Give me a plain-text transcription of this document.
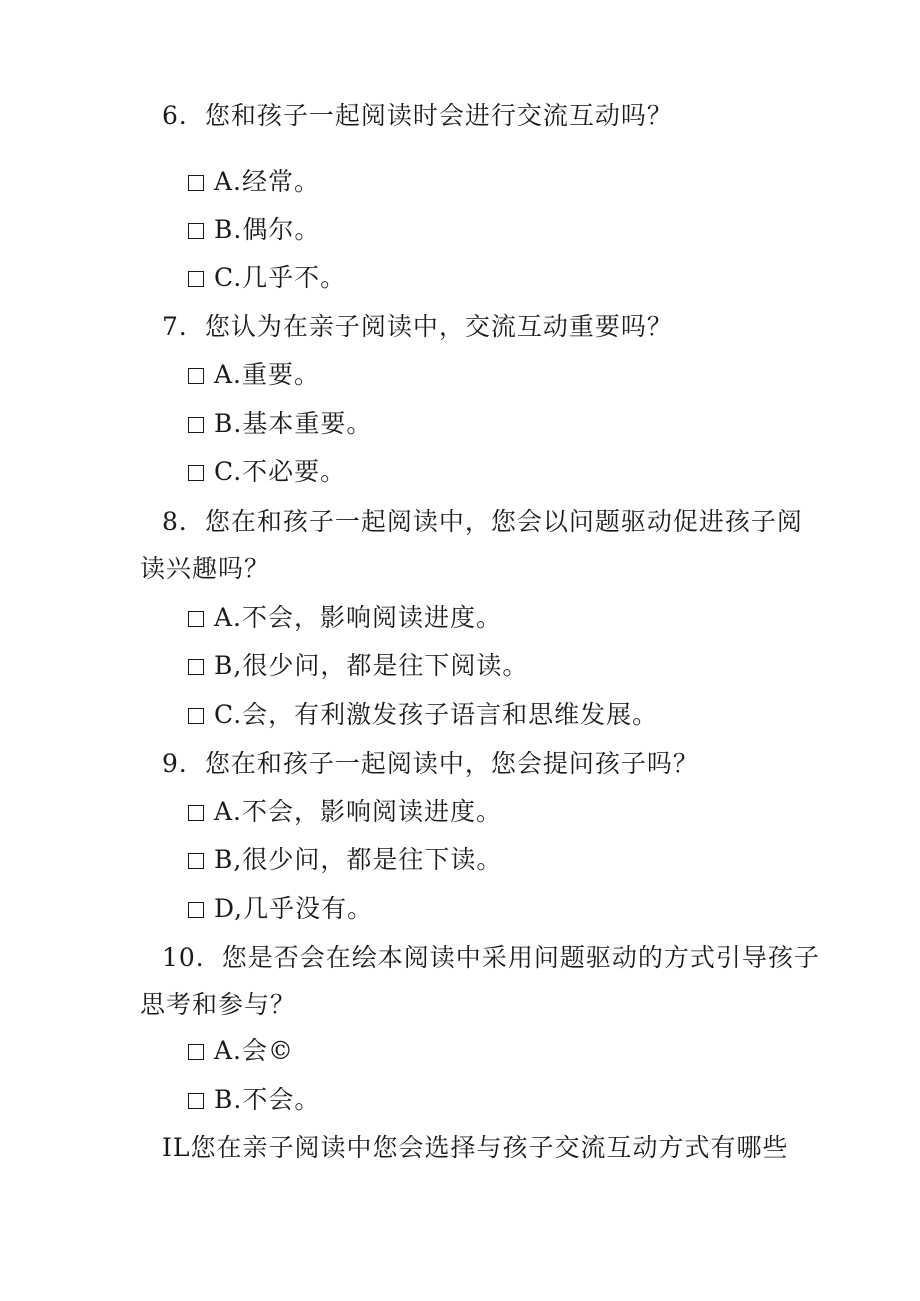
6．您和孩子一起阅读时会进行交流互动吗？
A.经常。
B.偶尔。
C.几乎不。
7．您认为在亲子阅读中，交流互动重要吗？
A.重要。
B.基本重要。
C.不必要。
8．您在和孩子一起阅读中，您会以问题驱动促进孩子阅
读兴趣吗？
A.不会，影响阅读进度。
B,很少问，都是往下阅读。
C.会，有利激发孩子语言和思维发展。
9．您在和孩子一起阅读中，您会提问孩子吗？
A.不会，影响阅读进度。
B,很少问，都是往下读。
D,几乎没有。
10．您是否会在绘本阅读中采用问题驱动的方式引导孩子
思考和参与？
A.会©
B.不会。
IL您在亲子阅读中您会选择与孩子交流互动方式有哪些
